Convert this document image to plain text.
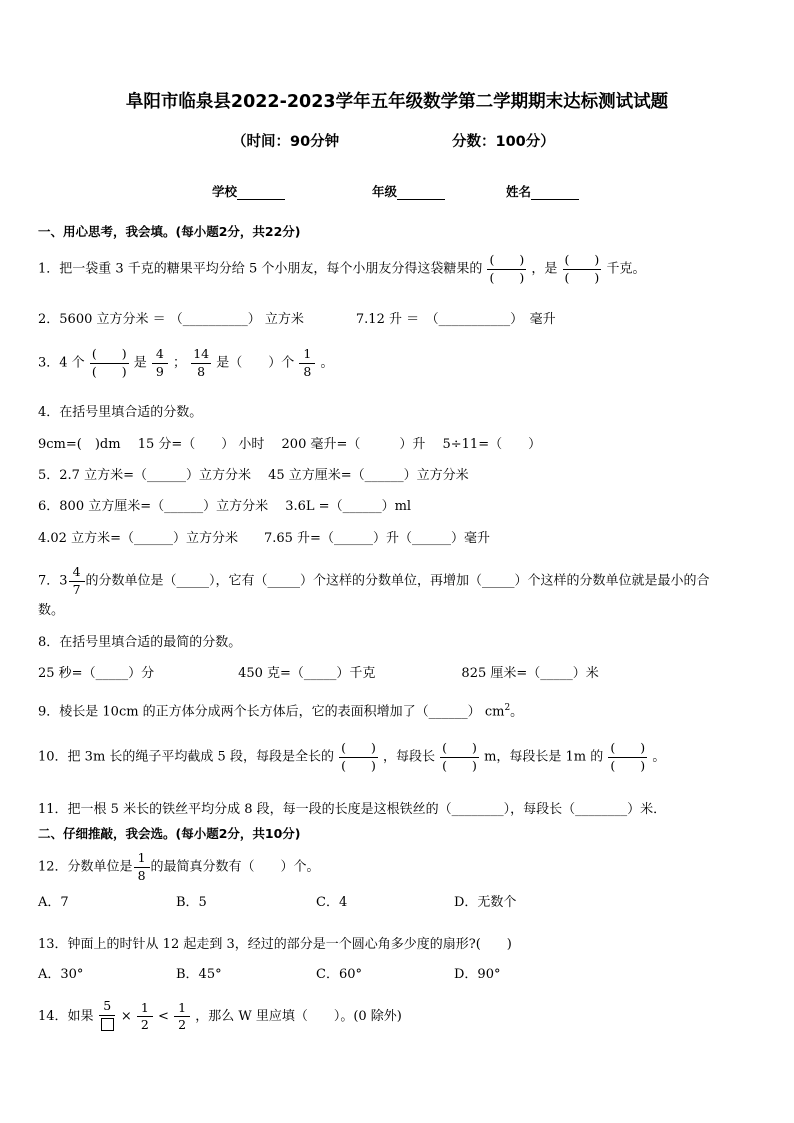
阜阳市临泉县2022-2023学年五年级数学第二学期期末达标测试试题
（时间：90分钟	分数：100分）
学校	年级	姓名
一、用心思考，我会填。(每小题2分，共22分)
1．把一袋重 3 千克的糖果平均分给 5 个小朋友，每个小朋友分得这袋糖果的 $\frac{( )}{( )}$ ，是 $\frac{( )}{( )}$ 千克。
2．5600 立方分米 ＝ （__________） 立方米	7.12 升 ＝　（___________）　毫升
3．4 个 $\frac{( )}{( )}$ 是 $\frac{4}{9}$ ； $\frac{14}{8}$ 是（　　）个 $\frac{1}{8}$ 。
4．在括号里填合适的分数。
9cm=(　)dm　 15 分=（　　） 小时　 200 毫升=（　　　）升　 5÷11=（　　）
5．2.7 立方米=（______）立方分米　 45 立方厘米=（______）立方分米
6．800 立方厘米=（______）立方分米　 3.6L =（______）ml
4.02 立方米=（______）立方分米　　7.65 升=（______）升（______）毫升
7．$3 \frac{4}{7}$ 的分数单位是（_____），它有（_____）个这样的分数单位，再增加（_____）个这样的分数单位就是最小的合
数。
8．在括号里填合适的最简的分数。
25 秒=（_____）分	450 克=（_____）千克	825 厘米=（_____）米
9．棱长是 10cm 的正方体分成两个长方体后，它的表面积增加了（______） $cm^2$。
10．把 3m 长的绳子平均截成 5 段，每段是全长的 $\frac{( )}{( )}$ ，每段长 $\frac{( )}{( )}$ m，每段长是 1m 的 $\frac{( )}{( )}$ 。
11．把一根 5 米长的铁丝平均分成 8 段，每一段的长度是这根铁丝的（________），每段长（________）米．
二、仔细推敲，我会选。(每小题2分，共10分)
12．分数单位是 $\frac{1}{8}$ 的最简真分数有（　　）个。
A．7	B．5	C．4	D．无数个
13．钟面上的时针从 12 起走到 3，经过的部分是一个圆心角多少度的扇形?(　　)
A．30°	B．45°	C．60°	D．90°
14．如果
5
× $\frac{1}{2} < \frac{1}{2}$ ，那么 W 里应填（　　）。(0 除外)
